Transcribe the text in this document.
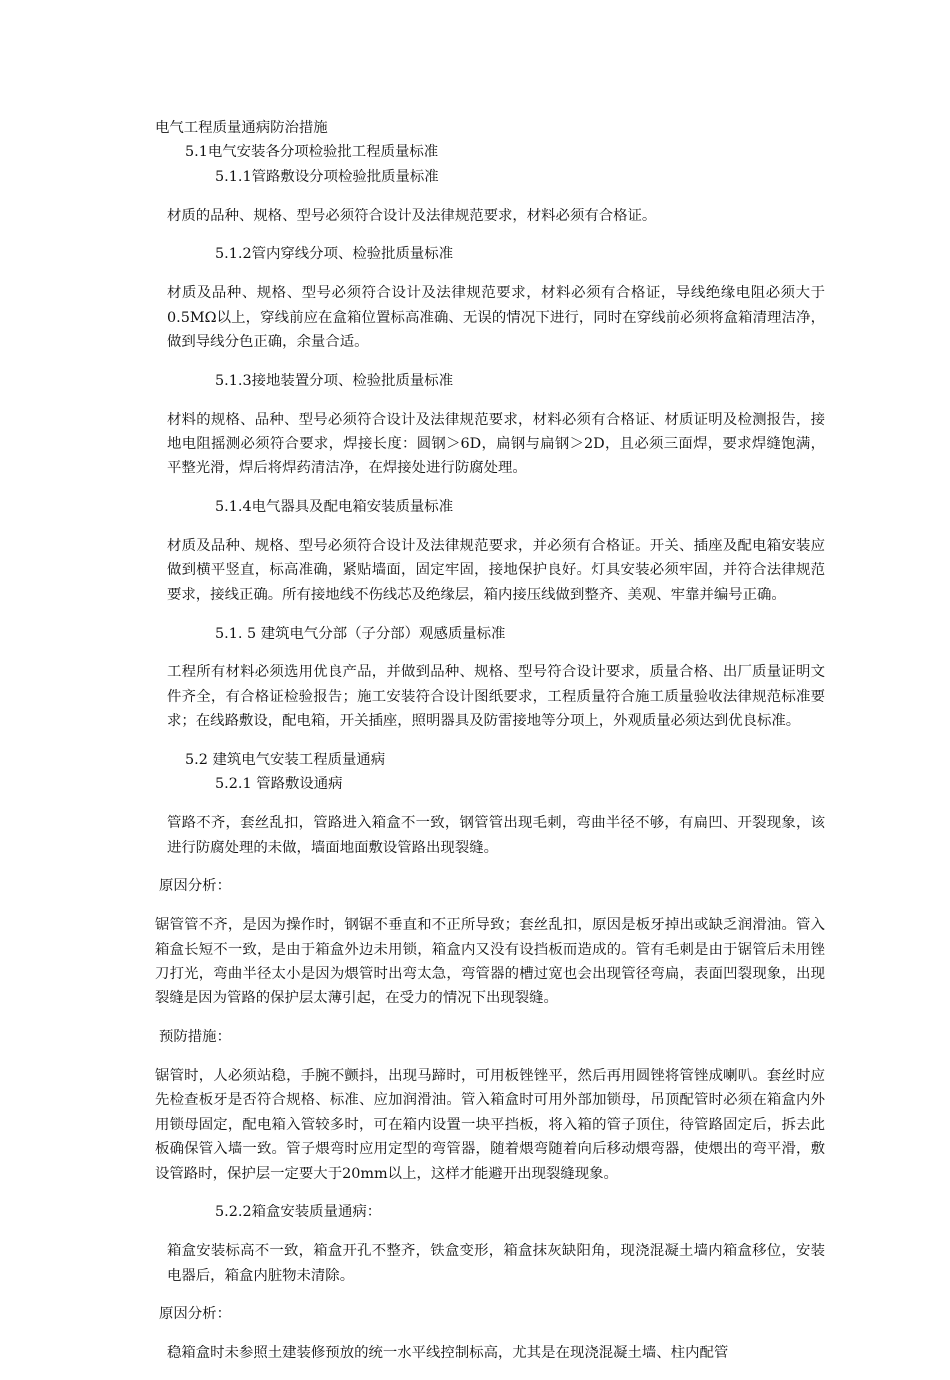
电气工程质量通病防治措施

5.1电气安装各分项检验批工程质量标准

5.1.1管路敷设分项检验批质量标准

材质的品种、规格、型号必须符合设计及法律规范要求，材料必须有合格证。

5.1.2管内穿线分项、检验批质量标准

材质及品种、规格、型号必须符合设计及法律规范要求，材料必须有合格证，导线绝缘电阻必须大于0.5MΩ以上，穿线前应在盒箱位置标高准确、无误的情况下进行，同时在穿线前必须将盒箱清理洁净，做到导线分色正确，余量合适。

5.1.3接地装置分项、检验批质量标准

材料的规格、品种、型号必须符合设计及法律规范要求，材料必须有合格证、材质证明及检测报告，接地电阻摇测必须符合要求，焊接长度：圆钢＞6D，扁钢与扁钢＞2D，且必须三面焊，要求焊缝饱满，平整光滑，焊后将焊药清洁净，在焊接处进行防腐处理。

5.1.4电气器具及配电箱安装质量标准

材质及品种、规格、型号必须符合设计及法律规范要求，并必须有合格证。开关、插座及配电箱安装应做到横平竖直，标高准确，紧贴墙面，固定牢固，接地保护良好。灯具安装必须牢固，并符合法律规范要求，接线正确。所有接地线不伤线芯及绝缘层，箱内接压线做到整齐、美观、牢靠并编号正确。

5.1. 5 建筑电气分部（子分部）观感质量标准

工程所有材料必须选用优良产品，并做到品种、规格、型号符合设计要求，质量合格、出厂质量证明文件齐全，有合格证检验报告；施工安装符合设计图纸要求，工程质量符合施工质量验收法律规范标准要求；在线路敷设，配电箱，开关插座，照明器具及防雷接地等分项上，外观质量必须达到优良标准。

5.2 建筑电气安装工程质量通病

5.2.1 管路敷设通病

管路不齐，套丝乱扣，管路进入箱盒不一致，钢管管出现毛刺，弯曲半径不够，有扁凹、开裂现象，该进行防腐处理的未做，墙面地面敷设管路出现裂缝。

原因分析：

锯管管不齐，是因为操作时，钢锯不垂直和不正所导致；套丝乱扣，原因是板牙掉出或缺乏润滑油。管入箱盒长短不一致，是由于箱盒外边未用锁，箱盒内又没有设挡板而造成的。管有毛刺是由于锯管后未用锉刀打光，弯曲半径太小是因为煨管时出弯太急，弯管器的槽过宽也会出现管径弯扁，表面凹裂现象，出现裂缝是因为管路的保护层太薄引起，在受力的情况下出现裂缝。

预防措施：

锯管时，人必须站稳，手腕不颤抖，出现马蹄时，可用板锉锉平，然后再用圆锉将管锉成喇叭。套丝时应先检查板牙是否符合规格、标准、应加润滑油。管入箱盒时可用外部加锁母，吊顶配管时必须在箱盒内外用锁母固定，配电箱入管较多时，可在箱内设置一块平挡板，将入箱的管子顶住，待管路固定后，拆去此板确保管入墙一致。管子煨弯时应用定型的弯管器，随着煨弯随着向后移动煨弯器，使煨出的弯平滑，敷设管路时，保护层一定要大于20mm以上，这样才能避开出现裂缝现象。

5.2.2箱盒安装质量通病：

箱盒安装标高不一致，箱盒开孔不整齐，铁盒变形，箱盒抹灰缺阳角，现浇混凝土墙内箱盒移位，安装电器后，箱盒内脏物未清除。

原因分析：

稳箱盒时未参照土建装修预放的统一水平线控制标高，尤其是在现浇混凝土墙、柱内配管
